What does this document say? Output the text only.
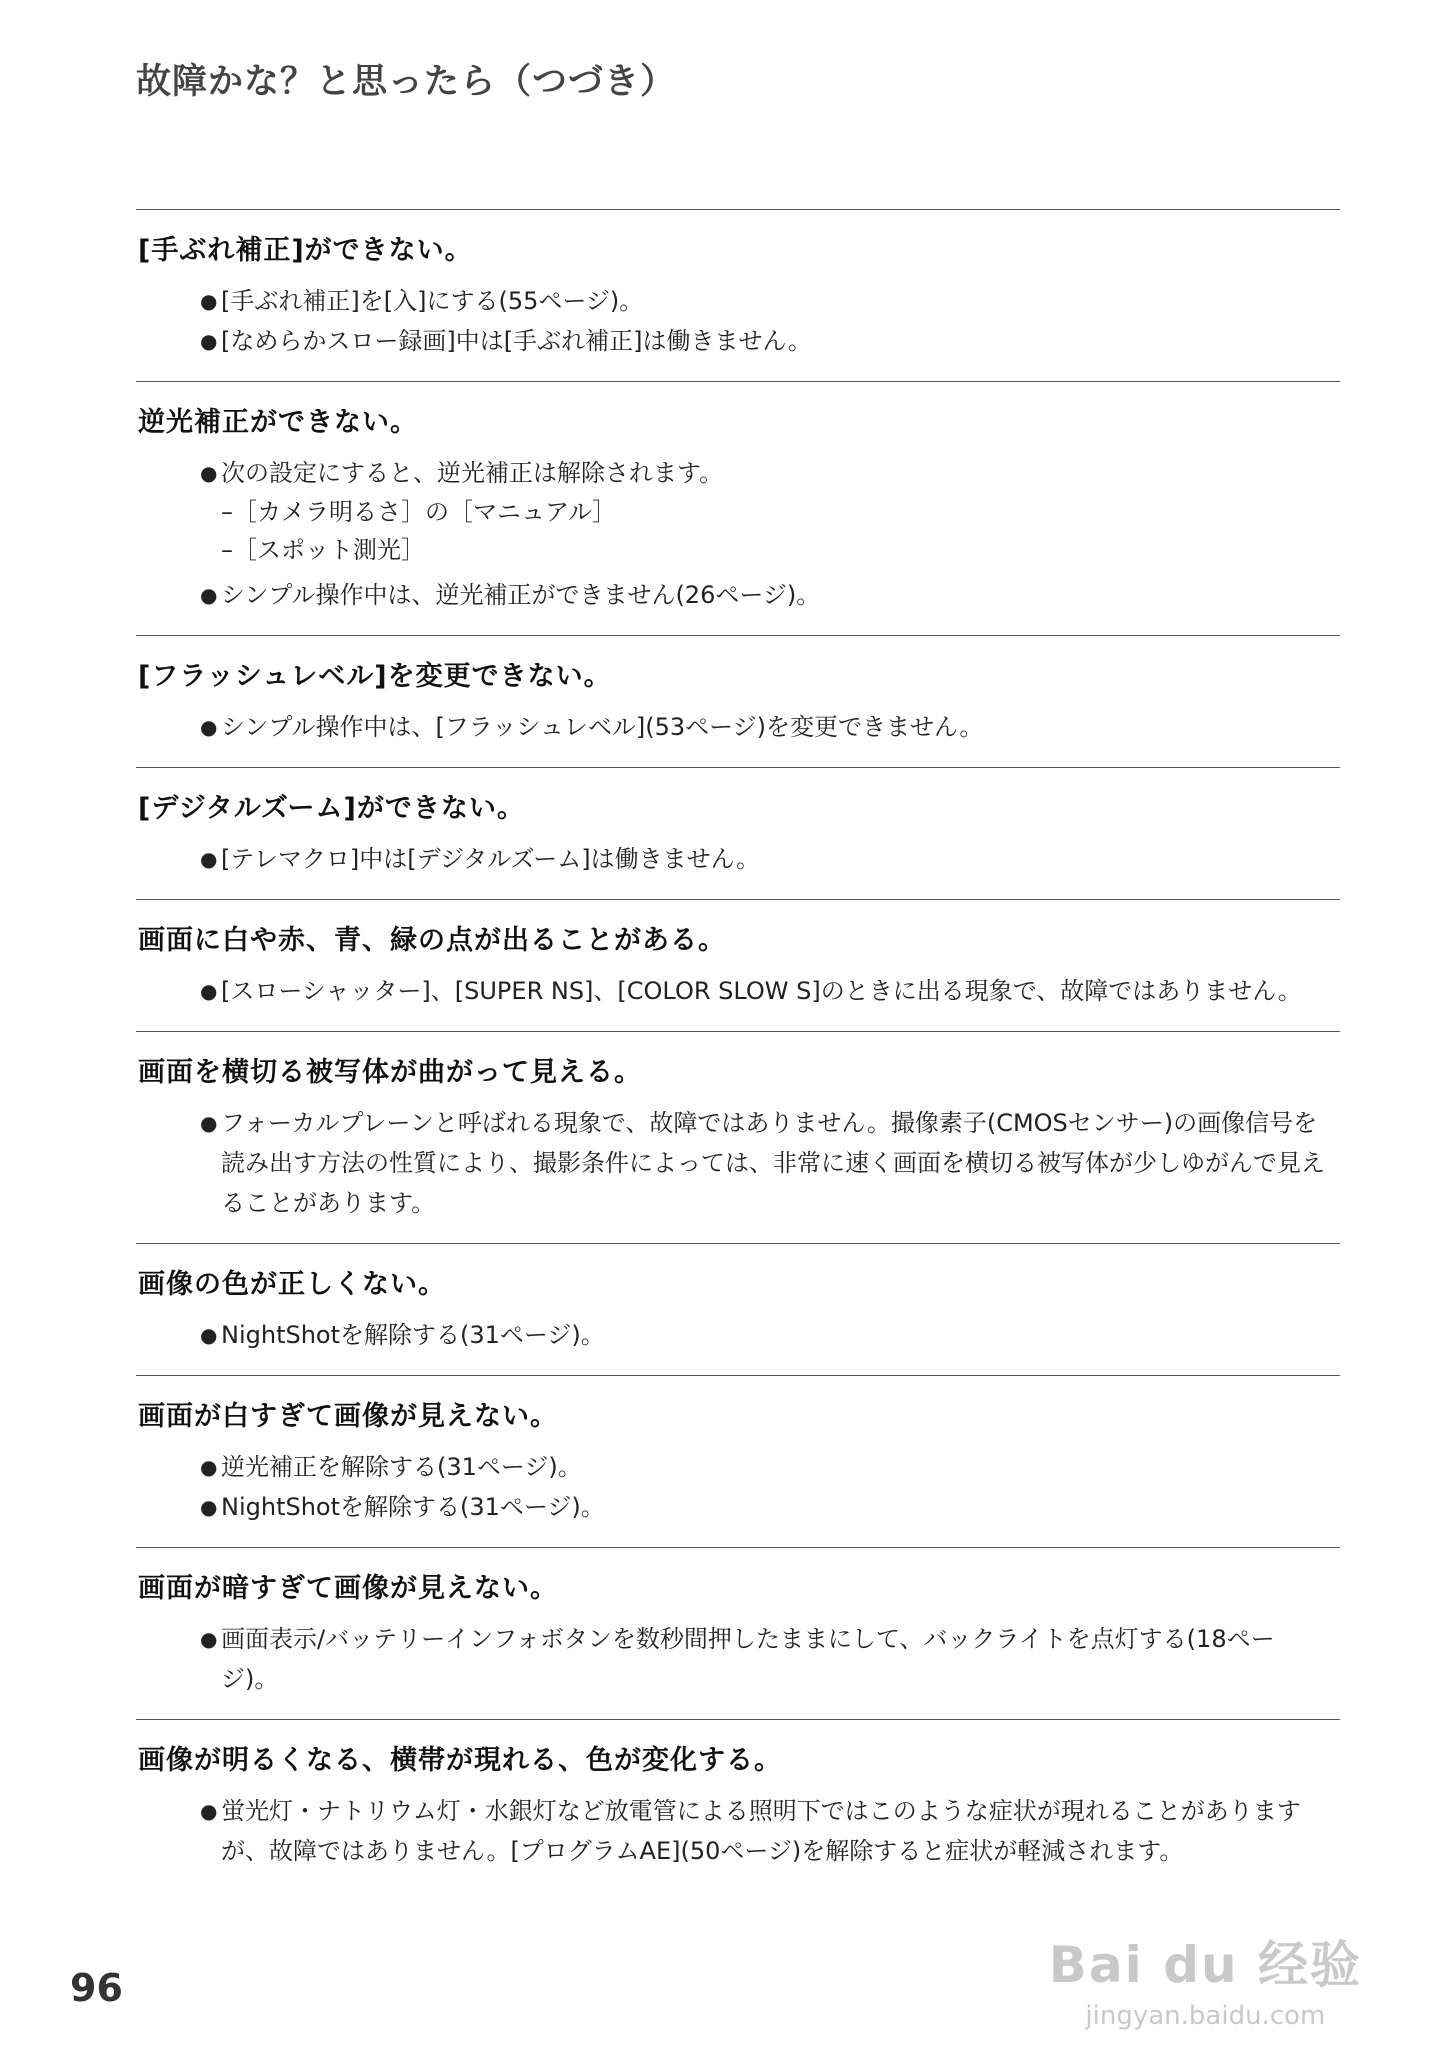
故障かな？と思ったら（つづき）
[手ぶれ補正]ができない。
● [手ぶれ補正]を[入]にする(55ページ)。
● [なめらかスロー録画]中は[手ぶれ補正]は働きません。
逆光補正ができない。
● 次の設定にすると、逆光補正は解除されます。
–［カメラ明るさ］の［マニュアル］
–［スポット測光］
● シンプル操作中は、逆光補正ができません(26ページ)。
[フラッシュレベル]を変更できない。
● シンプル操作中は、[フラッシュレベル](53ページ)を変更できません。
[デジタルズーム]ができない。
● [テレマクロ]中は[デジタルズーム]は働きません。
画面に白や赤、青、緑の点が出ることがある。
● [スローシャッター]、[SUPER NS]、[COLOR SLOW S]のときに出る現象で、故障ではありません。
画面を横切る被写体が曲がって見える。
● フォーカルプレーンと呼ばれる現象で、故障ではありません。撮像素子(CMOSセンサー)の画像信号を読み出す方法の性質により、撮影条件によっては、非常に速く画面を横切る被写体が少しゆがんで見えることがあります。
画像の色が正しくない。
● NightShotを解除する(31ページ)。
画面が白すぎて画像が見えない。
● 逆光補正を解除する(31ページ)。
● NightShotを解除する(31ページ)。
画面が暗すぎて画像が見えない。
● 画面表示/バッテリーインフォボタンを数秒間押したままにして、バックライトを点灯する(18ページ)。
画像が明るくなる、横帯が現れる、色が変化する。
● 蛍光灯・ナトリウム灯・水銀灯など放電管による照明下ではこのような症状が現れることがありますが、故障ではありません。[プログラムAE](50ページ)を解除すると症状が軽減されます。
96	Bai du 经验
jingyan.baidu.com
